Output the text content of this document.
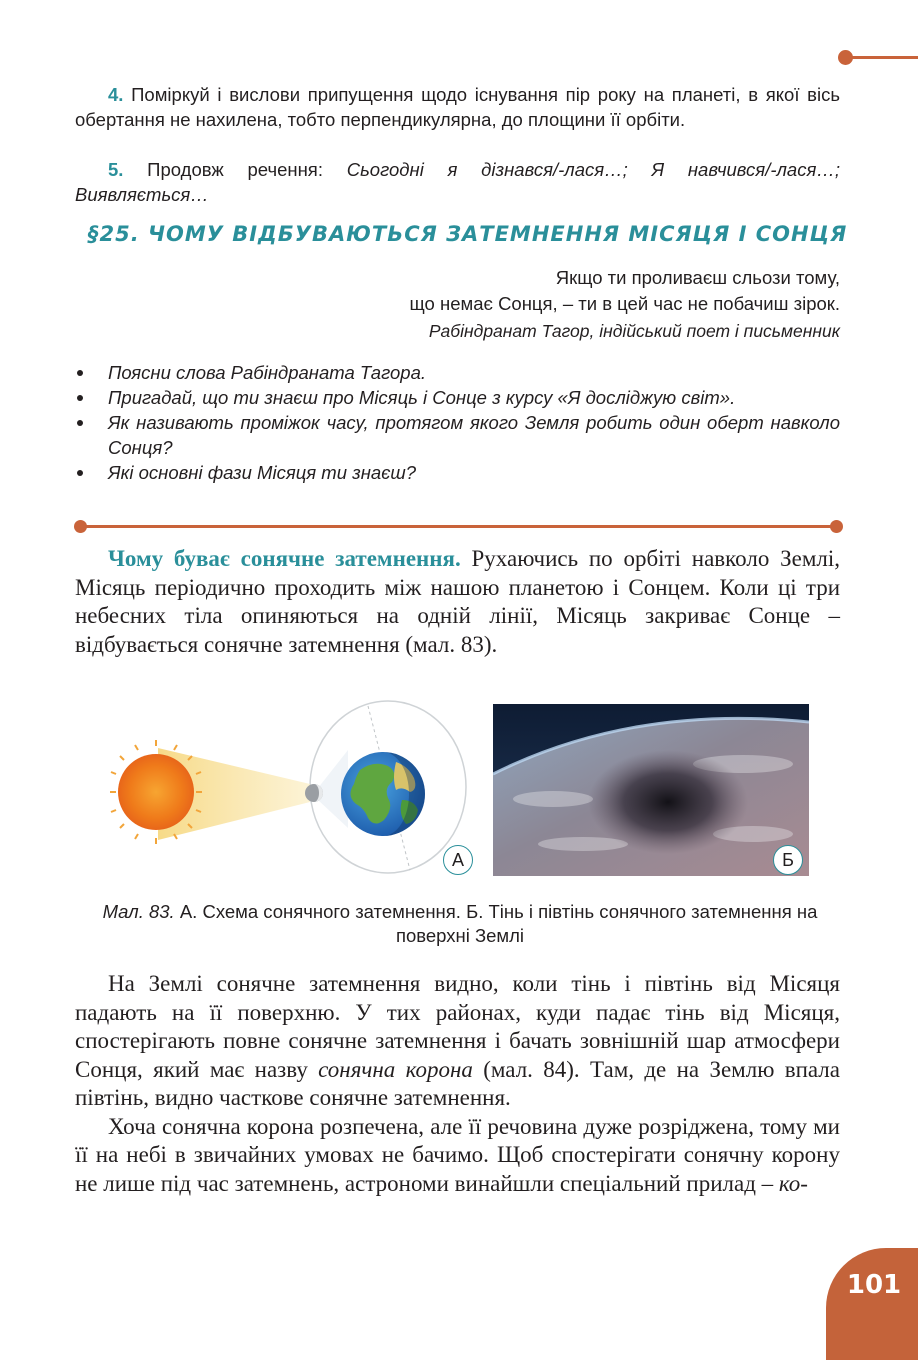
4. Поміркуй і вислови припущення щодо існування пір року на планеті, в якої вісь обертання не нахилена, тобто перпендикулярна, до площини її орбіти.

5. Продовж речення: Сьогодні я дізнався/-лася…; Я навчився/-лася…; Виявляється…

§25. ЧОМУ ВІДБУВАЮТЬСЯ ЗАТЕМНЕННЯ МІСЯЦЯ І СОНЦЯ
Якщо ти проливаєш сльози тому,
що немає Сонця, – ти в цей час не побачиш зірок.
Рабіндранат Тагор, індійський поет і письменник
Поясни слова Рабіндраната Тагора.
Пригадай, що ти знаєш про Місяць і Сонце з курсу «Я досліджую світ».
Як називають проміжок часу, протягом якого Земля робить один оберт навколо Сонця?
Які основні фази Місяця ти знаєш?

Чому буває сонячне затемнення. Рухаючись по орбіті навколо Землі, Місяць періодично проходить між нашою планетою і Сонцем. Коли ці три небесних тіла опиняються на одній лінії, Місяць закриває Сонце – відбувається сонячне затемнення (мал. 83).

А	Б
Мал. 83. А. Схема сонячного затемнення. Б. Тінь і півтінь сонячного затемнення на поверхні Землі

На Землі сонячне затемнення видно, коли тінь і півтінь від Місяця падають на її поверхню. У тих районах, куди падає тінь від Місяця, спостерігають повне сонячне затемнення і бачать зовнішній шар атмосфери Сонця, який має назву сонячна корона (мал. 84). Там, де на Землю впала півтінь, видно часткове сонячне затемнення.

Хоча сонячна корона розпечена, але її речовина дуже розріджена, тому ми її на небі в звичайних умовах не бачимо. Щоб спостерігати сонячну корону не лише під час затемнень, астрономи винайшли спеціальний прилад – ко-

101
